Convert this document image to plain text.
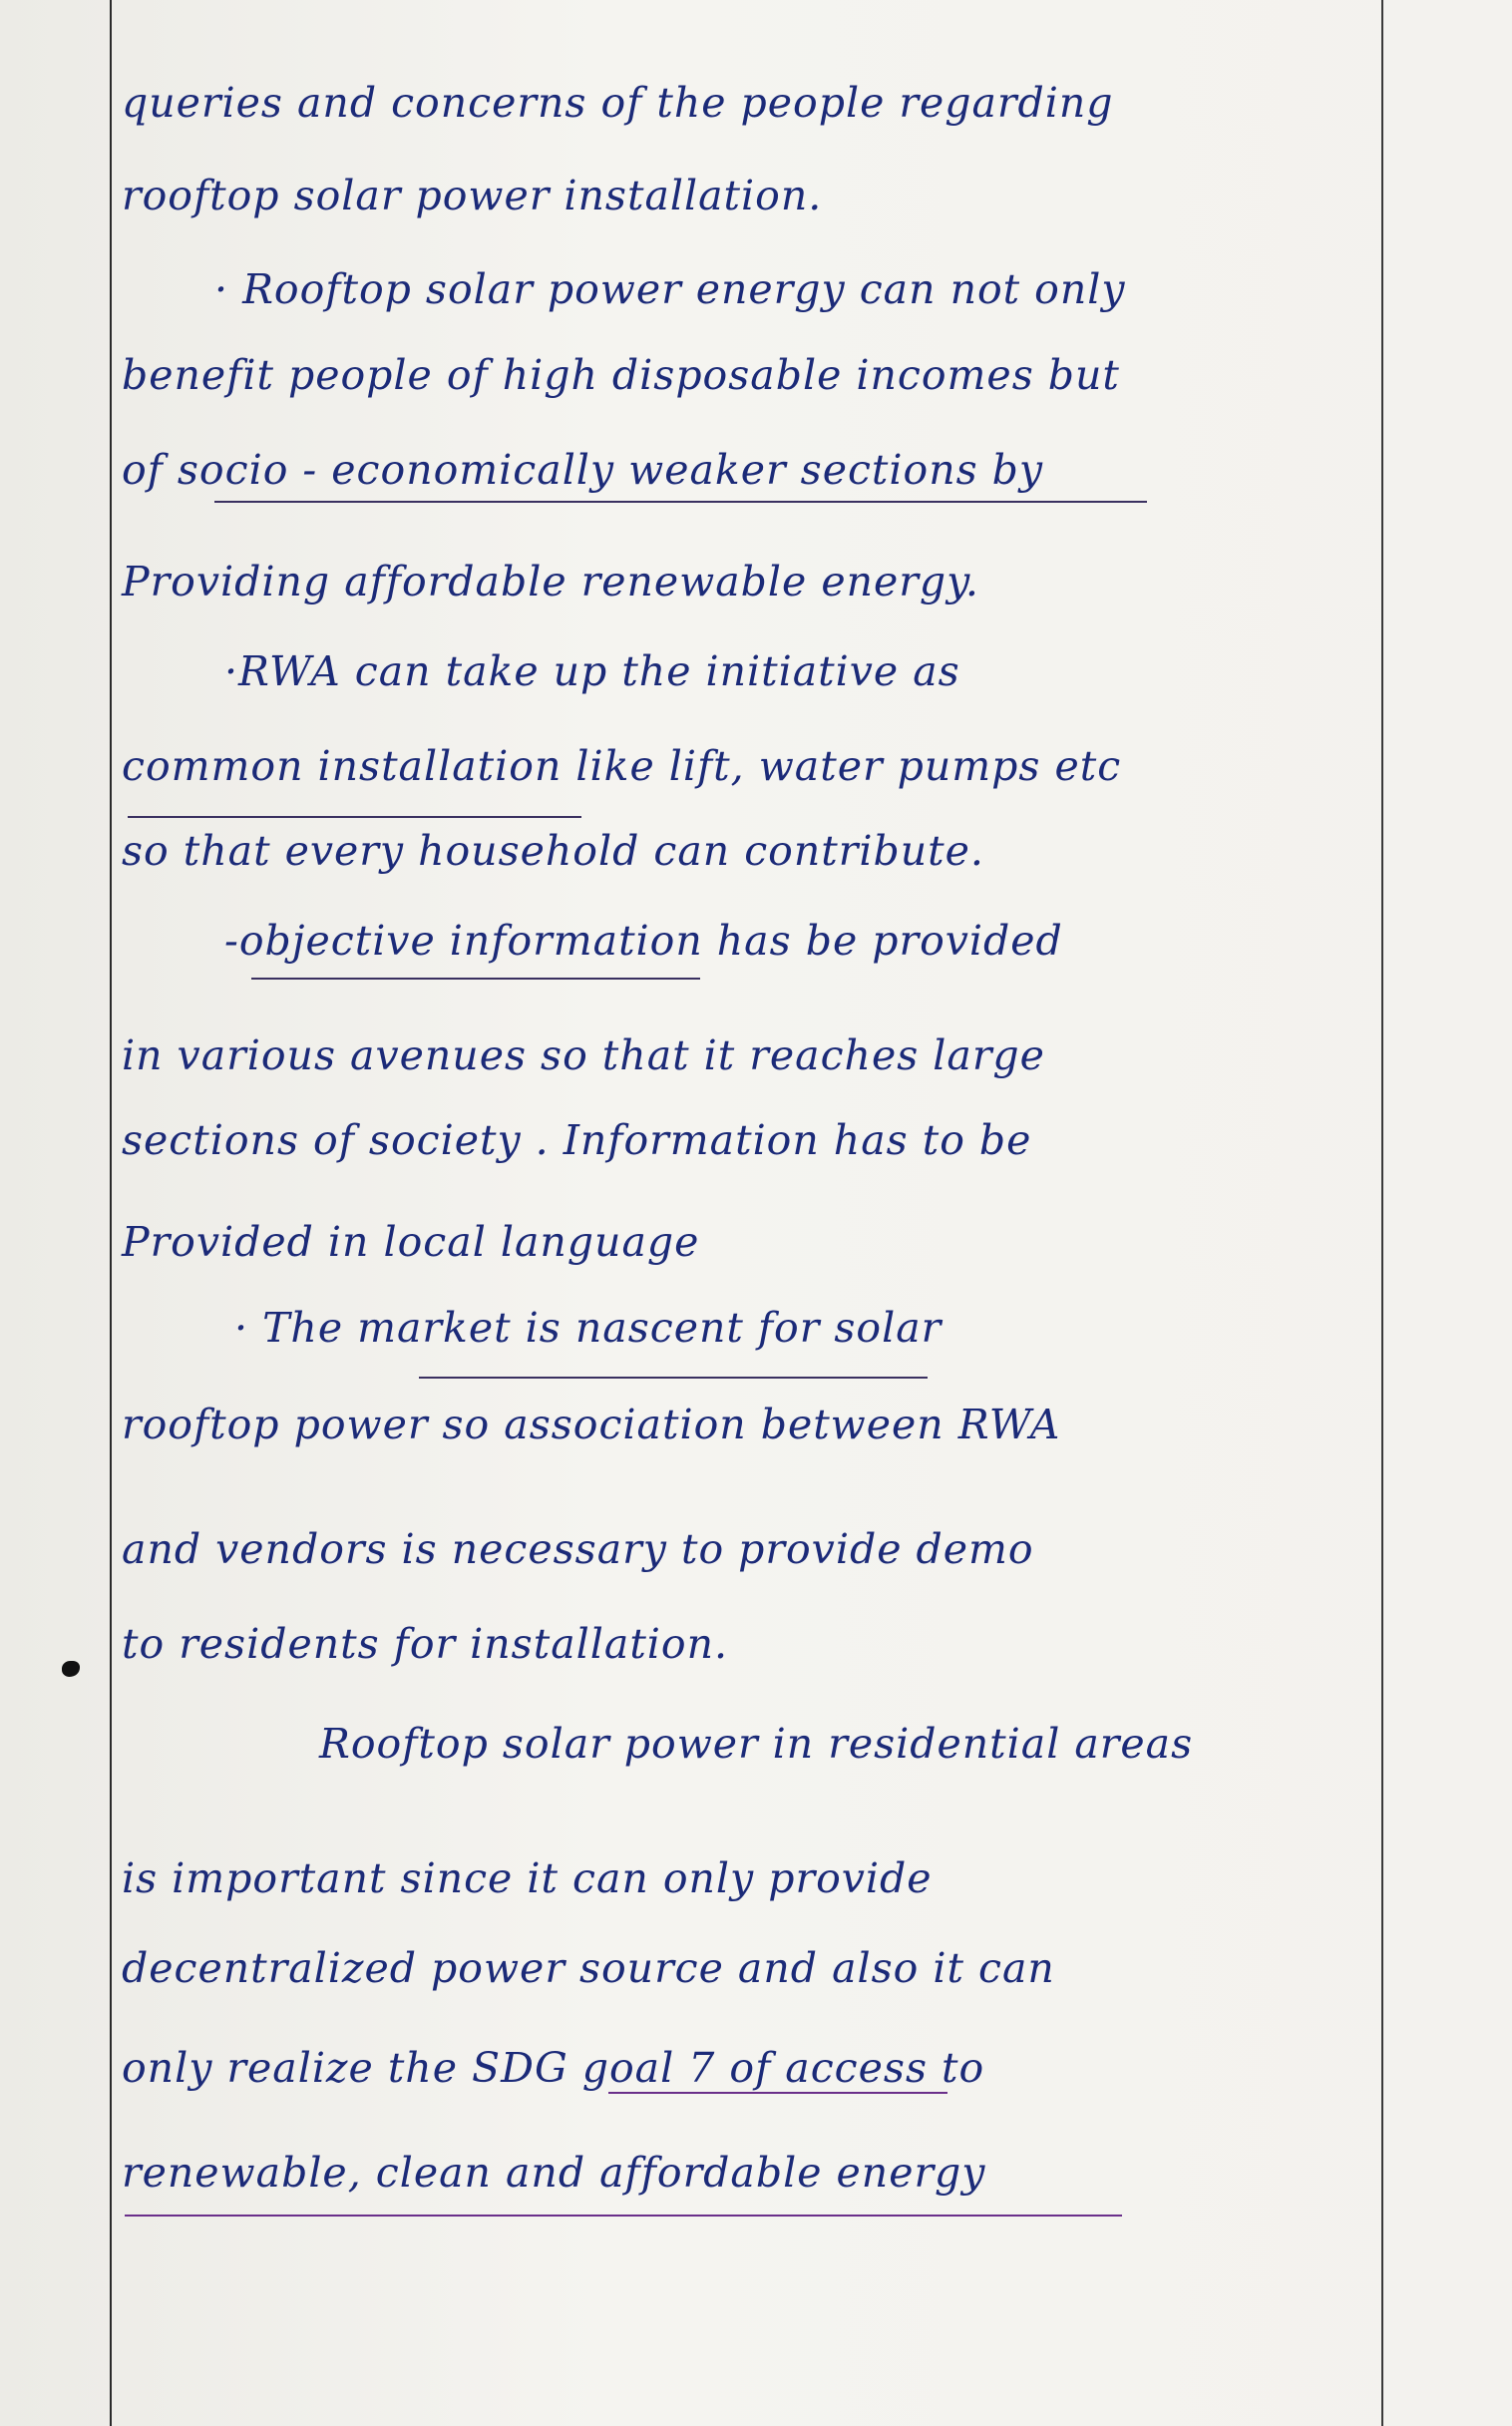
queries and concerns of the people regarding
rooftop solar power installation.
· Rooftop solar power energy can not only
benefit people of high disposable incomes but
of socio - economically weaker sections by
Providing affordable renewable energy.
·RWA can take up the initiative as
common installation like lift, water pumps etc
so that every household can contribute.
-objective information has be provided
in various avenues so that it reaches large
sections of society . Information has to be
Provided in local language
· The market is nascent for solar
rooftop power so association between RWA
and vendors is necessary to provide demo
to residents for installation.
Rooftop solar power in residential areas
is important since it can only provide
decentralized power source and also it can
only realize the SDG goal 7 of access to
renewable, clean and affordable energy
